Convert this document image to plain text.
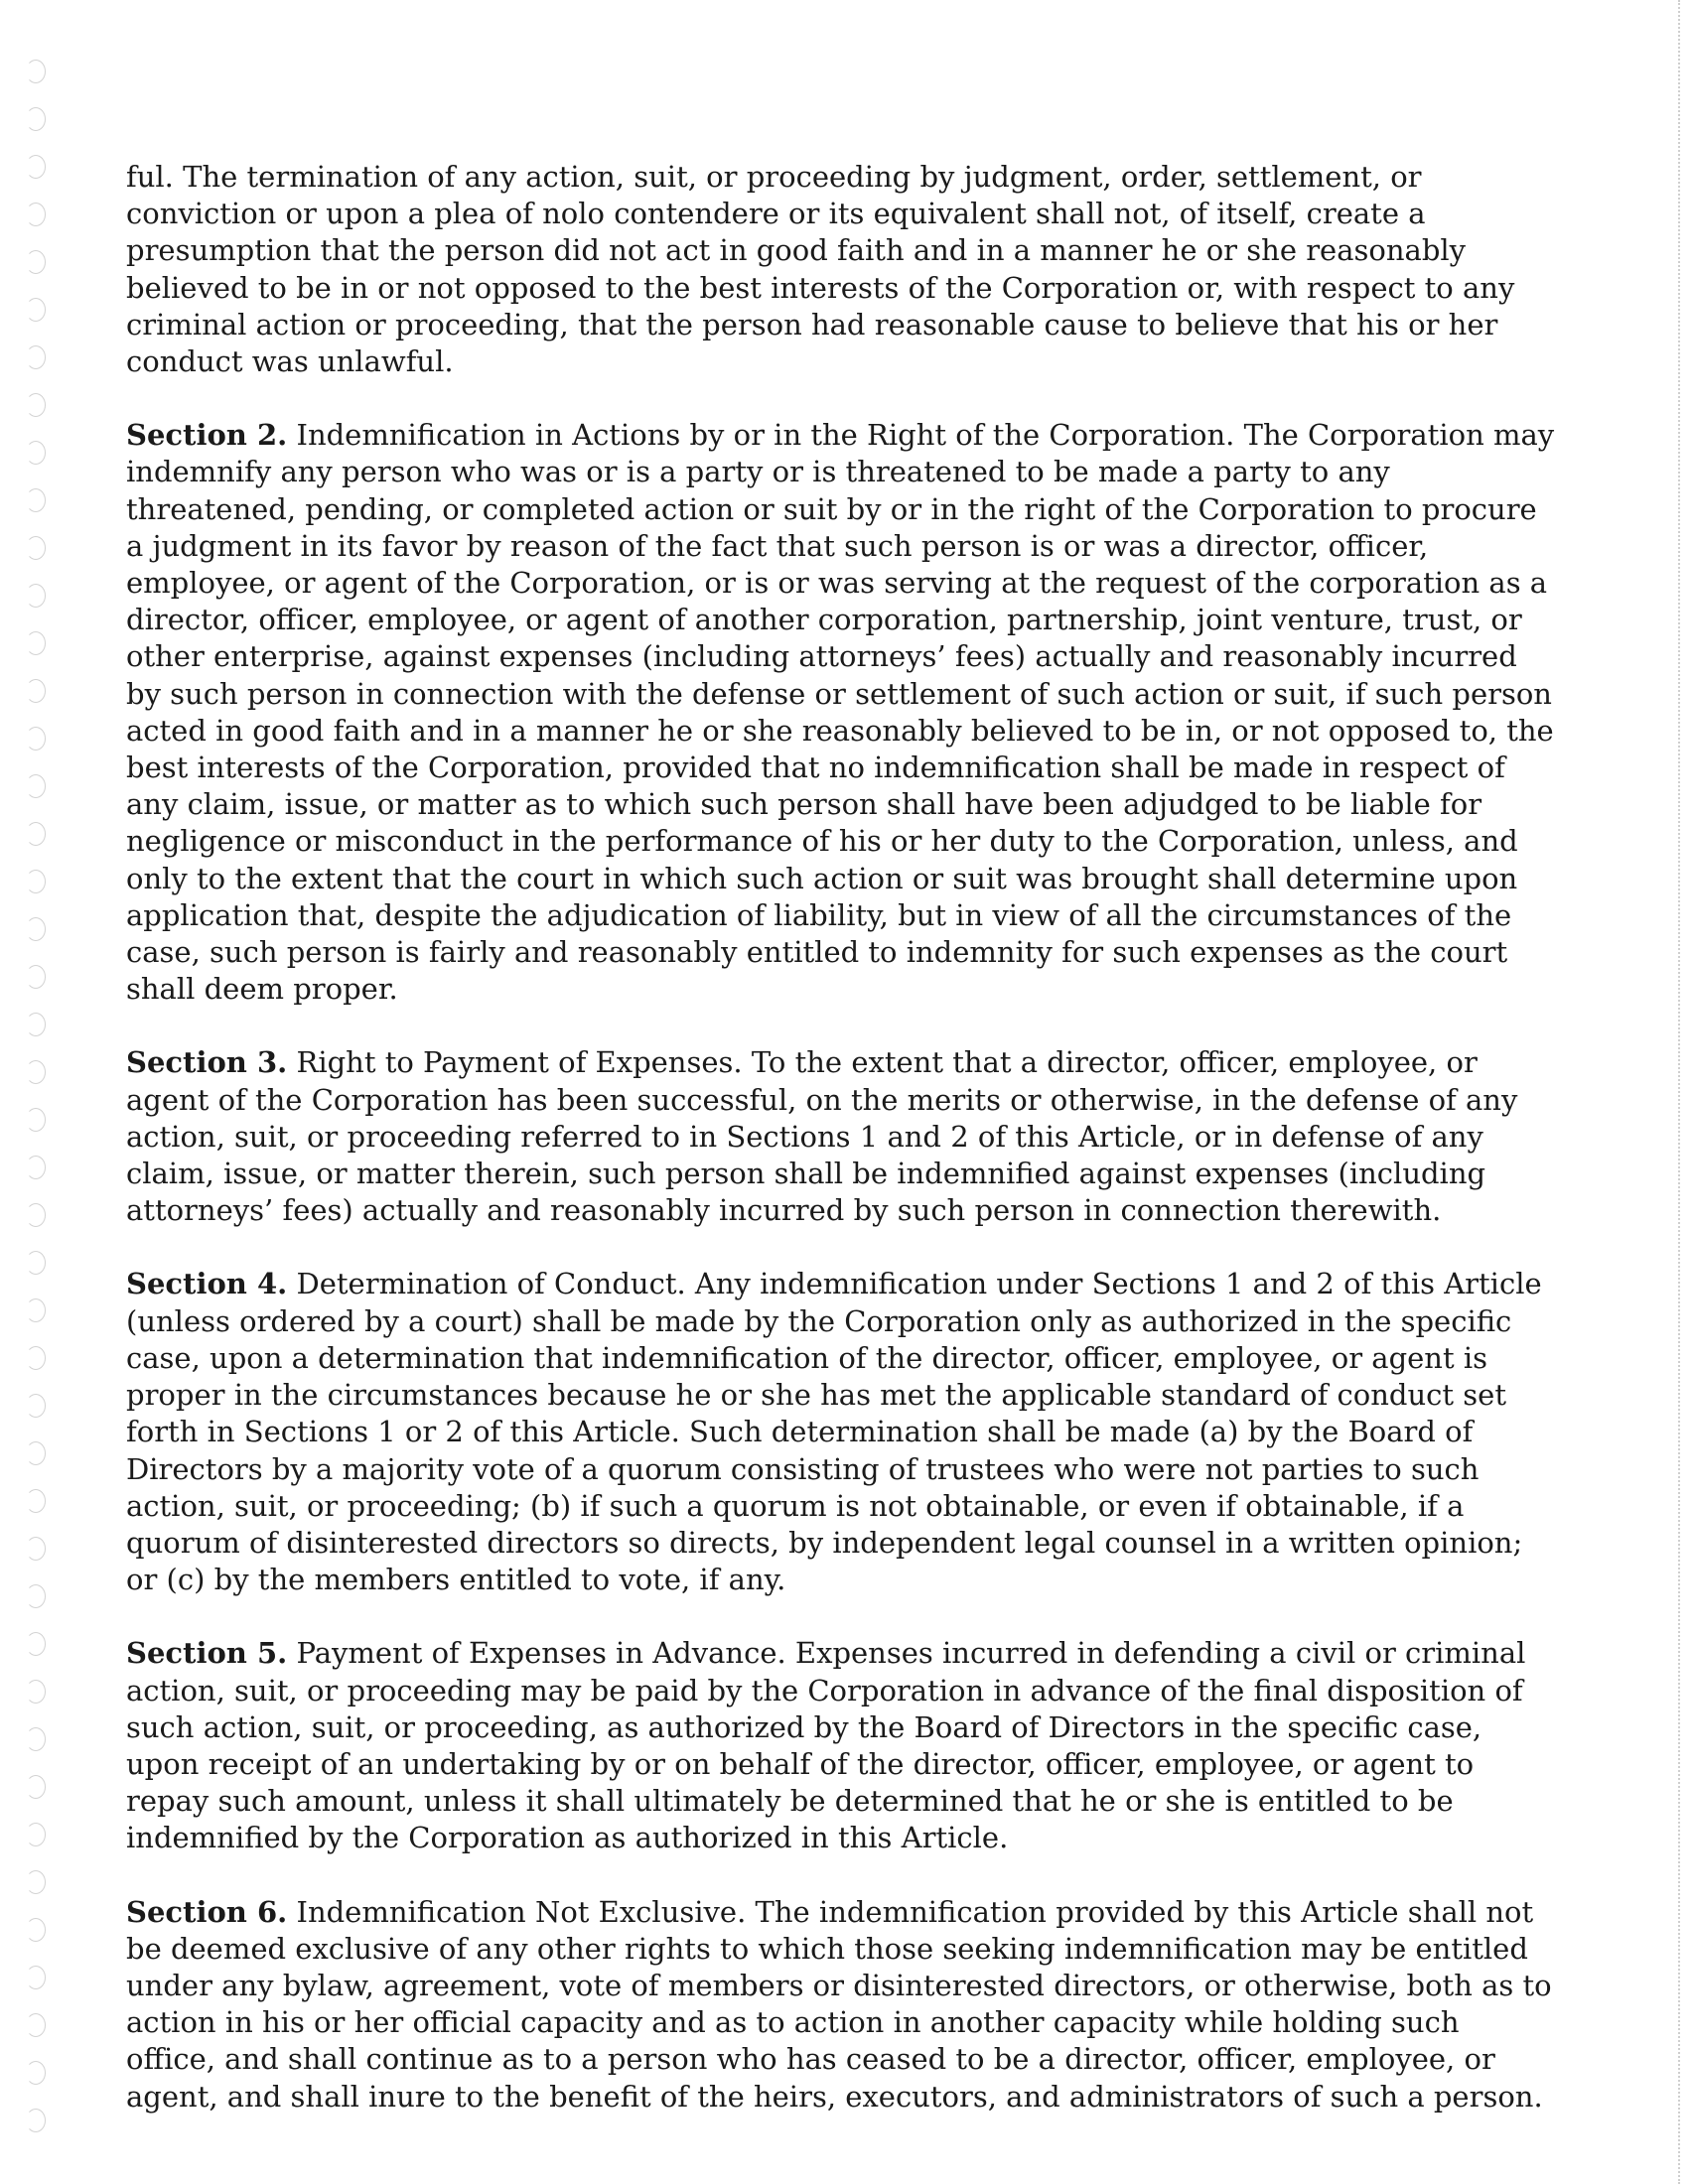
ful. The termination of any action, suit, or proceeding by judgment, order, settlement, or conviction or upon a plea of nolo contendere or its equivalent shall not, of itself, create a presumption that the person did not act in good faith and in a manner he or she reasonably believed to be in or not opposed to the best interests of the Corporation or, with respect to any criminal action or proceeding, that the person had reasonable cause to believe that his or her conduct was unlawful.

Section 2. Indemnification in Actions by or in the Right of the Corporation. The Corporation may indemnify any person who was or is a party or is threatened to be made a party to any threatened, pending, or completed action or suit by or in the right of the Corporation to procure a judgment in its favor by reason of the fact that such person is or was a director, officer, employee, or agent of the Corporation, or is or was serving at the request of the corporation as a director, officer, employee, or agent of another corporation, partnership, joint venture, trust, or other enterprise, against expenses (including attorneys’ fees) actually and reasonably incurred by such person in connection with the defense or settlement of such action or suit, if such person acted in good faith and in a manner he or she reasonably believed to be in, or not opposed to, the best interests of the Corporation, provided that no indemnification shall be made in respect of any claim, issue, or matter as to which such person shall have been adjudged to be liable for negligence or misconduct in the performance of his or her duty to the Corporation, unless, and only to the extent that the court in which such action or suit was brought shall determine upon application that, despite the adjudication of liability, but in view of all the circumstances of the case, such person is fairly and reasonably entitled to indemnity for such expenses as the court shall deem proper.

Section 3. Right to Payment of Expenses. To the extent that a director, officer, employee, or agent of the Corporation has been successful, on the merits or otherwise, in the defense of any action, suit, or proceeding referred to in Sections 1 and 2 of this Article, or in defense of any claim, issue, or matter therein, such person shall be indemnified against expenses (including attorneys’ fees) actually and reasonably incurred by such person in connection therewith.

Section 4. Determination of Conduct. Any indemnification under Sections 1 and 2 of this Article (unless ordered by a court) shall be made by the Corporation only as authorized in the specific case, upon a determination that indemnification of the director, officer, employee, or agent is proper in the circumstances because he or she has met the applicable standard of conduct set forth in Sections 1 or 2 of this Article. Such determination shall be made (a) by the Board of Directors by a majority vote of a quorum consisting of trustees who were not parties to such action, suit, or proceeding; (b) if such a quorum is not obtainable, or even if obtainable, if a quorum of disinterested directors so directs, by independent legal counsel in a written opinion; or (c) by the members entitled to vote, if any.

Section 5. Payment of Expenses in Advance. Expenses incurred in defending a civil or criminal action, suit, or proceeding may be paid by the Corporation in advance of the final disposition of such action, suit, or proceeding, as authorized by the Board of Directors in the specific case, upon receipt of an undertaking by or on behalf of the director, officer, employee, or agent to repay such amount, unless it shall ultimately be determined that he or she is entitled to be indemnified by the Corporation as authorized in this Article.

Section 6. Indemnification Not Exclusive. The indemnification provided by this Article shall not be deemed exclusive of any other rights to which those seeking indemnification may be entitled under any bylaw, agreement, vote of members or disinterested directors, or otherwise, both as to action in his or her official capacity and as to action in another capacity while holding such office, and shall continue as to a person who has ceased to be a director, officer, employee, or agent, and shall inure to the benefit of the heirs, executors, and administrators of such a person.
